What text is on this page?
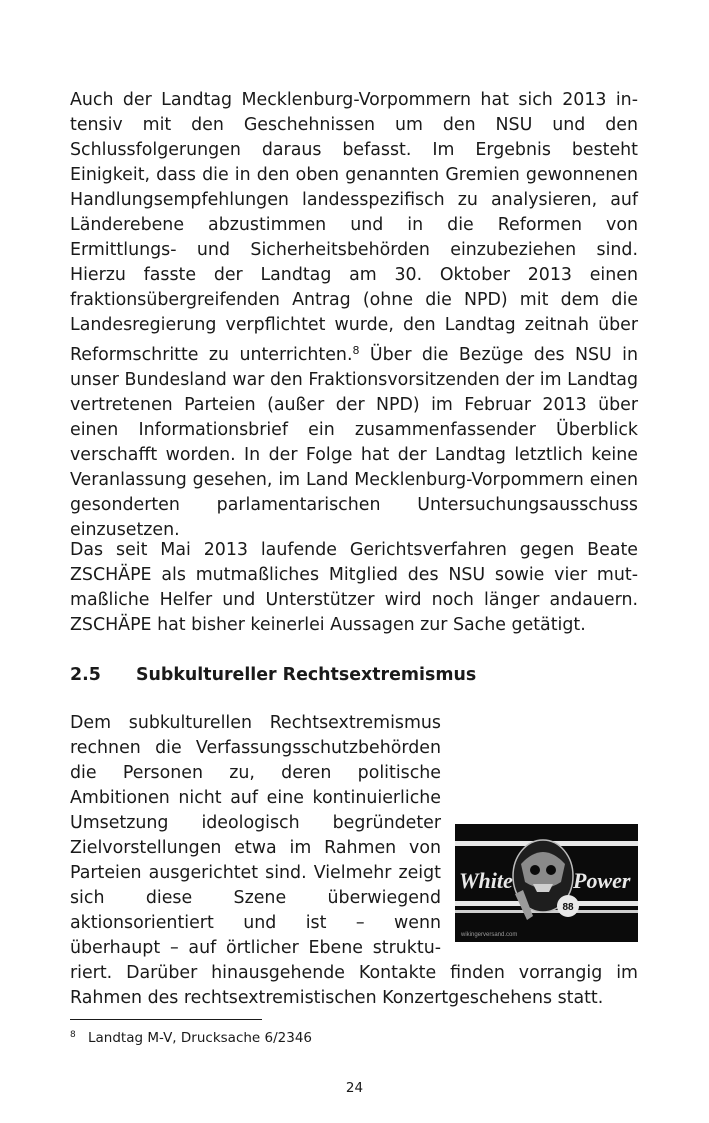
Auch der Landtag Mecklenburg-Vorpommern hat sich 2013 intensiv mit den Geschehnissen um den NSU und den Schlussfolgerungen daraus befasst. Im Ergebnis besteht Einigkeit, dass die in den oben genannten Gremien gewonnenen Handlungsempfehlungen landesspezifisch zu analysieren, auf Länderebene abzustimmen und in die Reformen von Ermittlungs- und Sicherheitsbehörden einzubeziehen sind. Hierzu fasste der Landtag am 30. Oktober 2013 einen fraktionsübergreifenden Antrag (ohne die NPD) mit dem die Landesregierung verpflichtet wurde, den Landtag zeitnah über Reformschritte zu unterrichten.$^8$ Über die Bezüge des NSU in unser Bundesland war den Fraktionsvorsitzenden der im Landtag vertretenen Parteien (außer der NPD) im Februar 2013 über einen Informationsbrief ein zusammenfassender Überblick verschafft worden. In der Folge hat der Landtag letztlich keine Veranlassung gesehen, im Land Mecklenburg-Vorpommern einen gesonderten parlamentarischen Untersuchungsausschuss einzusetzen.

Das seit Mai 2013 laufende Gerichtsverfahren gegen Beate ZSCHÄPE als mutmaßliches Mitglied des NSU sowie vier mutmaßliche Helfer und Unterstützer wird noch länger andauern. ZSCHÄPE hat bisher keinerlei Aussagen zur Sache getätigt.

2.5 Subkultureller Rechtsextremismus

88
White	Power
wikingerversand.com
Dem subkulturellen Rechtsextremismus rechnen die Verfassungsschutzbehörden die Personen zu, deren politische Ambitionen nicht auf eine kontinuierliche Umsetzung ideologisch begründeter Zielvorstellungen etwa im Rahmen von Parteien ausgerichtet sind. Vielmehr zeigt sich diese Szene überwiegend aktionsorientiert und ist – wenn überhaupt – auf örtlicher Ebene strukturiert. Darüber hinausgehende Kontakte finden vorrangig im Rahmen des rechtsextremistischen Konzertgeschehens statt.

8 Landtag M-V, Drucksache 6/2346
24
